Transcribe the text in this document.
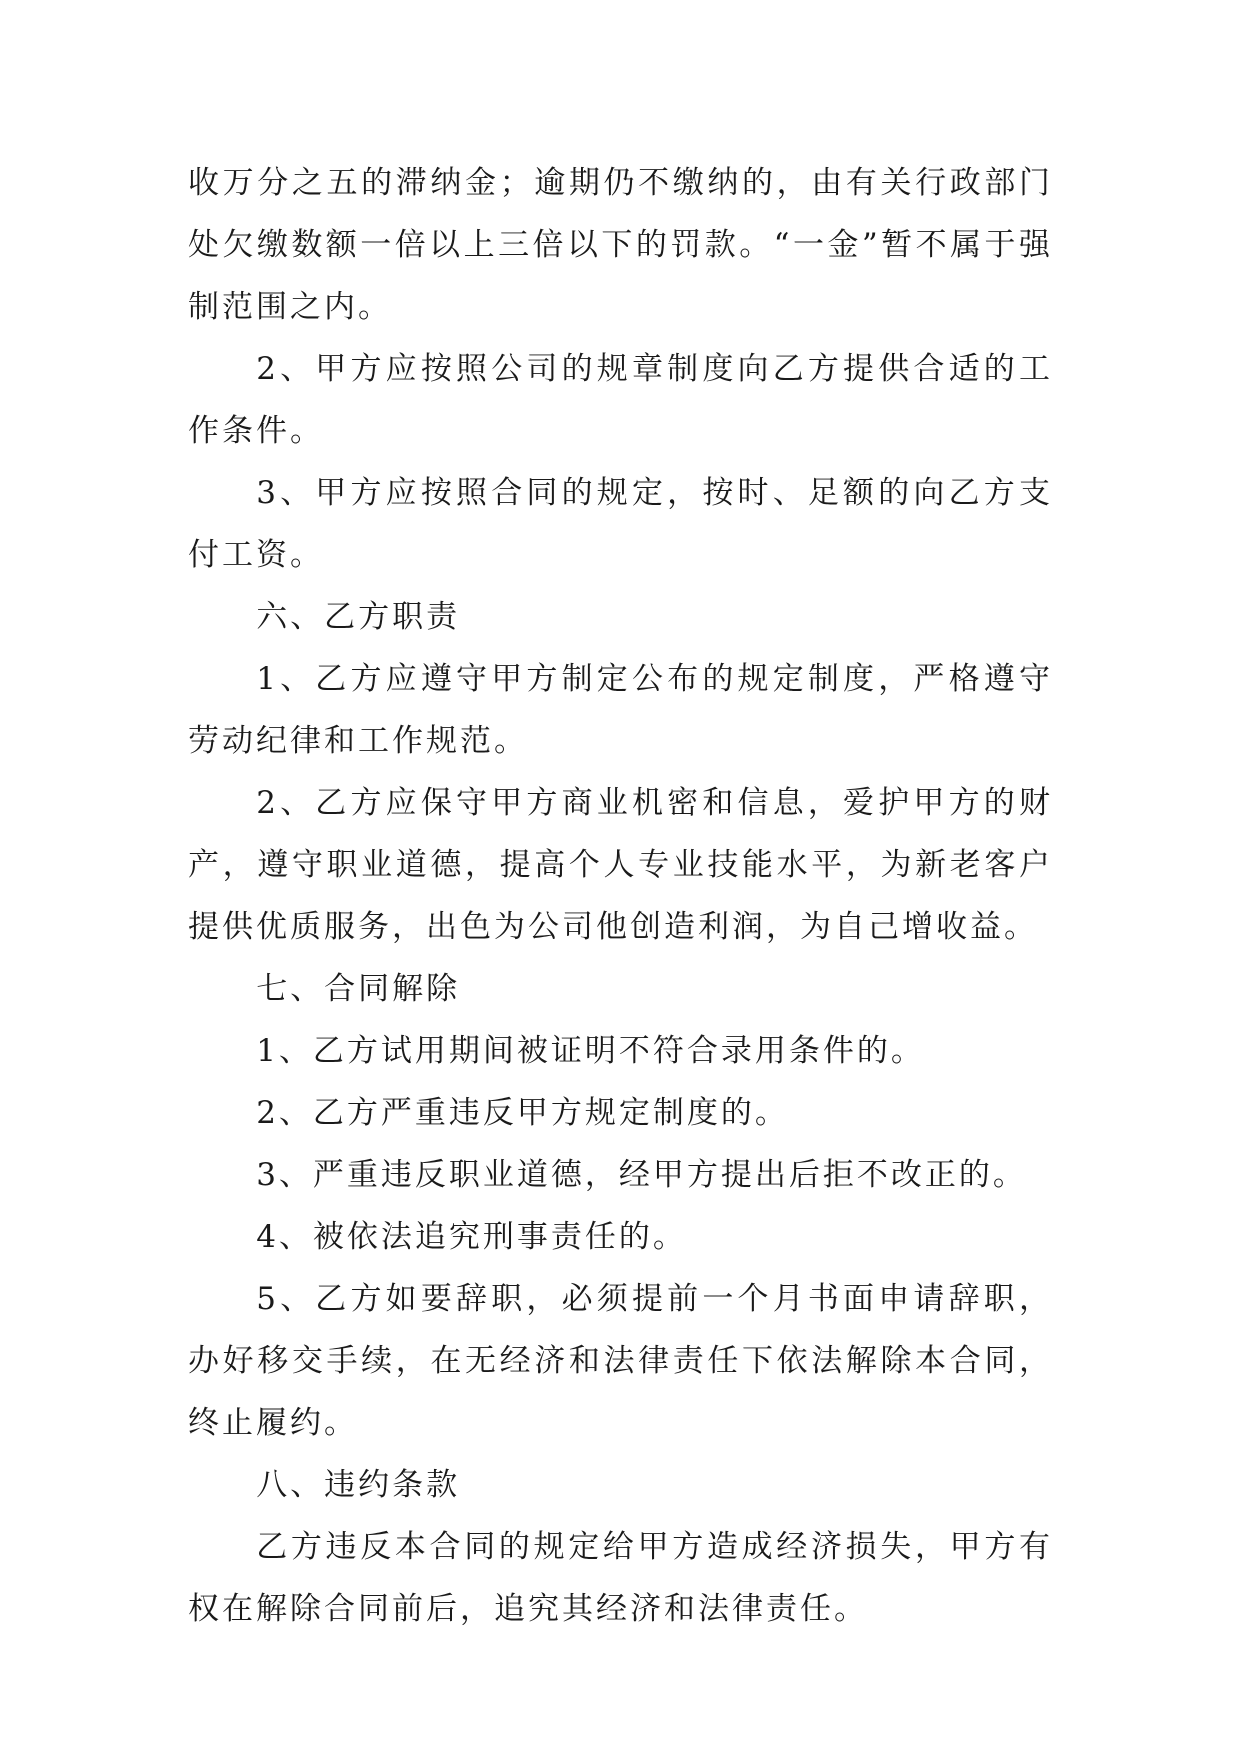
收万分之五的滞纳金；逾期仍不缴纳的，由有关行政部门处欠缴数额一倍以上三倍以下的罚款。“一金”暂不属于强制范围之内。

2、甲方应按照公司的规章制度向乙方提供合适的工作条件。

3、甲方应按照合同的规定，按时、足额的向乙方支付工资。

六、乙方职责

1、乙方应遵守甲方制定公布的规定制度，严格遵守劳动纪律和工作规范。

2、乙方应保守甲方商业机密和信息，爱护甲方的财产，遵守职业道德，提高个人专业技能水平，为新老客户提供优质服务，出色为公司他创造利润，为自己增收益。

七、合同解除

1、乙方试用期间被证明不符合录用条件的。

2、乙方严重违反甲方规定制度的。

3、严重违反职业道德，经甲方提出后拒不改正的。

4、被依法追究刑事责任的。

5、乙方如要辞职，必须提前一个月书面申请辞职，办好移交手续，在无经济和法律责任下依法解除本合同，终止履约。

八、违约条款

乙方违反本合同的规定给甲方造成经济损失，甲方有权在解除合同前后，追究其经济和法律责任。
